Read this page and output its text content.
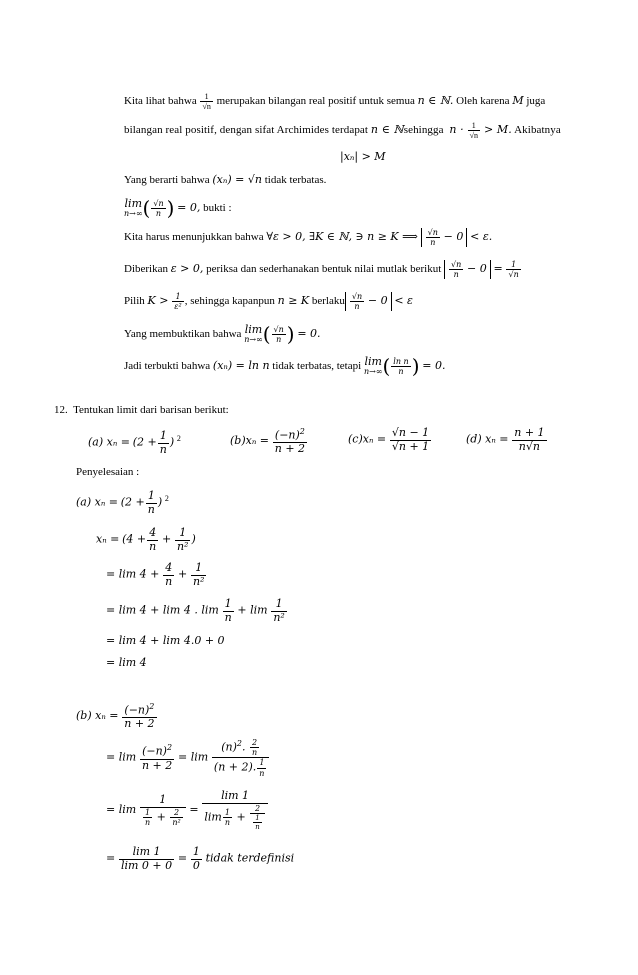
Kita lihat bahwa $\frac{1}{√n}$ merupakan bilangan real positif untuk semua n ∈ ℕ. Oleh karena M juga
bilangan real positif, dengan sifat Archimides terdapat n ∈ ℕsehingga $n \cdot \frac{1}{√n} > M$. Akibatnya
|xₙ| > M
Yang berarti bahwa (xₙ) = √n tidak terbatas.
lim
n→∞ ( $\frac{√n}{n}$ ) = 0, bukti :
Kita harus menunjukkan bahwa ∀ε > 0, ∃K ∈ ℕ, ∋ n ≥ K ⟹ $\frac{√n}{n} - 0 < \varepsilon$.
Diberikan ε > 0, periksa dan sederhanakan bentuk nilai mutlak berikut $\frac{√n}{n} - 0 = \frac{1}{√n}$
Pilih $K > \frac{1}{\text{ε²}}$ , sehingga kapanpun n ≥ K berlaku $\frac{√n}{n} - 0 < \varepsilon$
Yang membuktikan bahwa lim
n→∞ ( $\frac{√n}{n}$ ) = 0.
Jadi terbukti bahwa (xₙ) = ln n tidak terbatas, tetapi lim
n→∞ ( $\frac{\text{ln n}}{n}$ ) = 0.
12. Tentukan limit dari barisan berikut:
(a) $x_n = (2 + \frac{1}{n}$ ) $^2$	$(b)x_n = \frac{(-n)^2}{n + 2}$	$(c)x_n = \frac{√n - 1}{√n + 1}$	(d) $x_n = \frac{n + 1}{n√n}$
Penyelesaian :
(a) $x_n = (2 + \frac{1}{n}$ ) $^2$
$x_n = (4 + \frac{4}{n} + \frac{1}{\text{n²}}$ )
= $\lim 4 + \frac{4}{n} + \frac{1}{\text{n²}}$
= lim 4 + lim 4 . $\lim \frac{1}{n} + \lim \frac{1}{\text{n²}}$
= lim 4 + lim 4.0 + 0
= lim 4
(b) $x_n = \frac{(-n)^2}{n + 2}$
= $\lim \frac{(-n)^2}{n + 2} = \lim \frac{(n)^2. \frac{2}{n}}{(n + 2). \frac{1}{n}}$
= $\lim \frac{1}{\frac{1}{n} + \frac{2}{\text{n²}}} = \frac{\lim 1}{\lim \frac{1}{n} + \frac{2}{\frac{1}{n}}}$
= $\frac{\lim 1}{\lim 0 + 0} = \frac{1}{0}$ tidak terdefinisi
